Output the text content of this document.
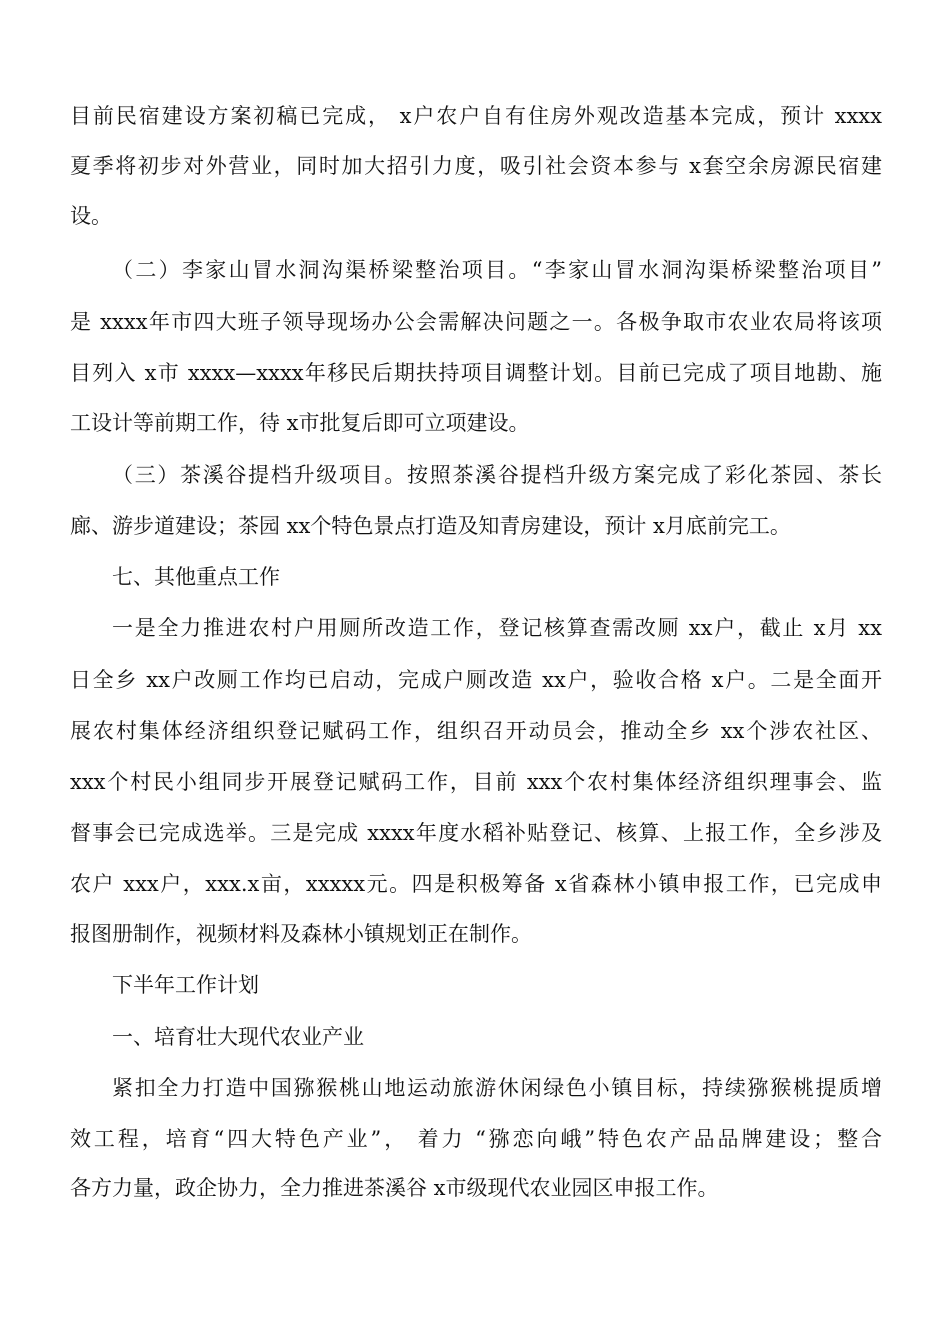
目前民宿建设方案初稿已完成， x户农户自有住房外观改造基本完成，预计 xxxx
夏季将初步对外营业，同时加大招引力度，吸引社会资本参与 x套空余房源民宿建
设。
（二）李家山冒水洞沟渠桥梁整治项目。“李家山冒水洞沟渠桥梁整治项目”
是 xxxx年市四大班子领导现场办公会需解决问题之一。各极争取市农业农局将该项
目列入 x市 xxxx—xxxx年移民后期扶持项目调整计划。目前已完成了项目地勘、施
工设计等前期工作，待 x市批复后即可立项建设。
（三）茶溪谷提档升级项目。按照茶溪谷提档升级方案完成了彩化茶园、茶长
廊、游步道建设；茶园 xx个特色景点打造及知青房建设，预计 x月底前完工。
七、其他重点工作
一是全力推进农村户用厕所改造工作，登记核算查需改厕 xx户，截止 x月 xx
日全乡 xx户改厕工作均已启动，完成户厕改造 xx户，验收合格 x户。二是全面开
展农村集体经济组织登记赋码工作，组织召开动员会，推动全乡 xx个涉农社区、
xxx个村民小组同步开展登记赋码工作，目前 xxx个农村集体经济组织理事会、监
督事会已完成选举。三是完成 xxxx年度水稻补贴登记、核算、上报工作，全乡涉及
农户 xxx户，xxx.x亩，xxxxx元。四是积极筹备 x省森林小镇申报工作，已完成申
报图册制作，视频材料及森林小镇规划正在制作。
下半年工作计划
一、培育壮大现代农业产业
紧扣全力打造中国猕猴桃山地运动旅游休闲绿色小镇目标，持续猕猴桃提质增
效工程，培育“四大特色产业”， 着力 “猕恋向峨”特色农产品品牌建设；整合
各方力量，政企协力，全力推进茶溪谷 x市级现代农业园区申报工作。
